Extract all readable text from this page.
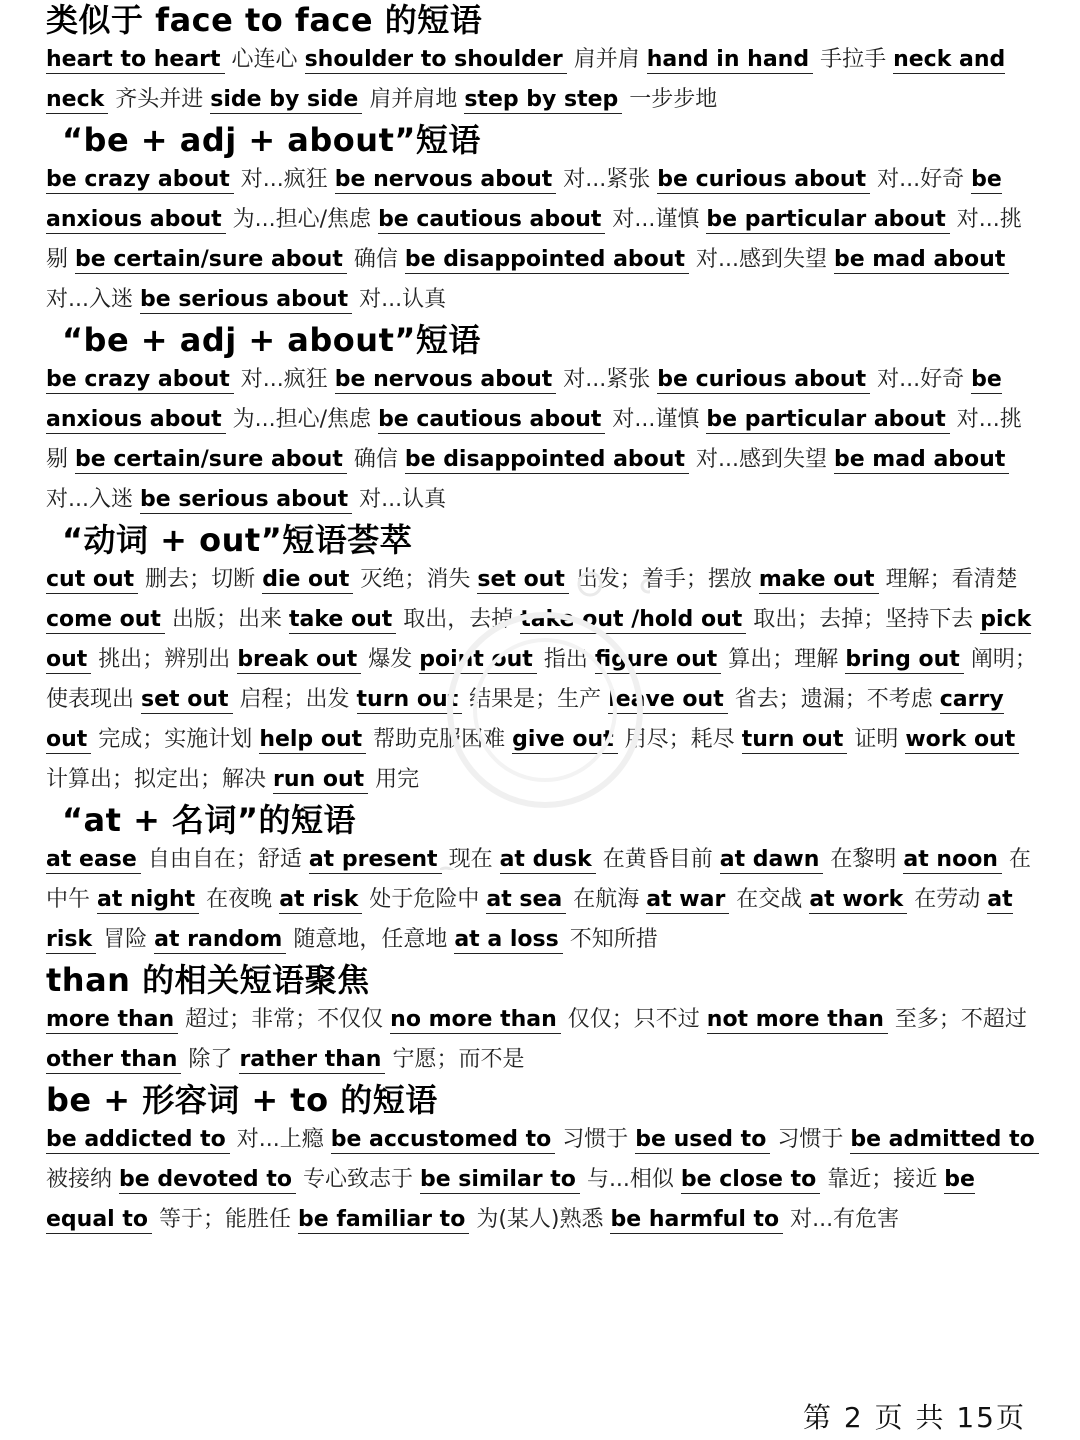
类似于 face to face 的短语
heart to heart 心连心 shoulder to shoulder 肩并肩 hand in hand 手拉手 neck and neck 齐头并进 side by side 肩并肩地 step by step 一步步地
“be + adj + about”短语
be crazy about 对...疯狂 be nervous about 对...紧张 be curious about 对...好奇 be anxious about 为...担心/焦虑 be cautious about 对...谨慎 be particular about 对...挑剔 be certain/sure about 确信 be disappointed about 对...感到失望 be mad about 对...入迷 be serious about 对...认真
“be + adj + about”短语
be crazy about 对...疯狂 be nervous about 对...紧张 be curious about 对...好奇 be anxious about 为...担心/焦虑 be cautious about 对...谨慎 be particular about 对...挑剔 be certain/sure about 确信 be disappointed about 对...感到失望 be mad about 对...入迷 be serious about 对...认真
“动词 + out”短语荟萃
cut out 删去；切断 die out 灭绝；消失 set out 出发；着手；摆放 make out 理解；看清楚 come out 出版；出来 take out 取出，去掉 take out /hold out 取出；去掉；坚持下去 pick out 挑出；辨别出 break out 爆发 point out 指出 figure out 算出；理解 bring out 阐明；使表现出 set out 启程；出发 turn out 结果是；生产 leave out 省去；遗漏；不考虑 carry out 完成；实施计划 help out 帮助克服困难 give out 用尽；耗尽 turn out 证明 work out 计算出；拟定出；解决 run out 用完
“at + 名词”的短语
at ease 自由自在；舒适 at present 现在 at dusk 在黄昏目前 at dawn 在黎明 at noon 在中午 at night 在夜晚 at risk 处于危险中 at sea 在航海 at war 在交战 at work 在劳动 at risk 冒险 at random 随意地，任意地 at a loss 不知所措
than 的相关短语聚焦
more than 超过；非常；不仅仅 no more than 仅仅；只不过 not more than 至多；不超过 other than 除了 rather than 宁愿；而不是
be + 形容词 + to 的短语
be addicted to 对...上瘾 be accustomed to 习惯于 be used to 习惯于 be admitted to 被接纳 be devoted to 专心致志于 be similar to 与...相似 be close to 靠近；接近 be equal to 等于；能胜任 be familiar to 为(某人)熟悉 be harmful to 对...有危害
第 2 页 共 15页
